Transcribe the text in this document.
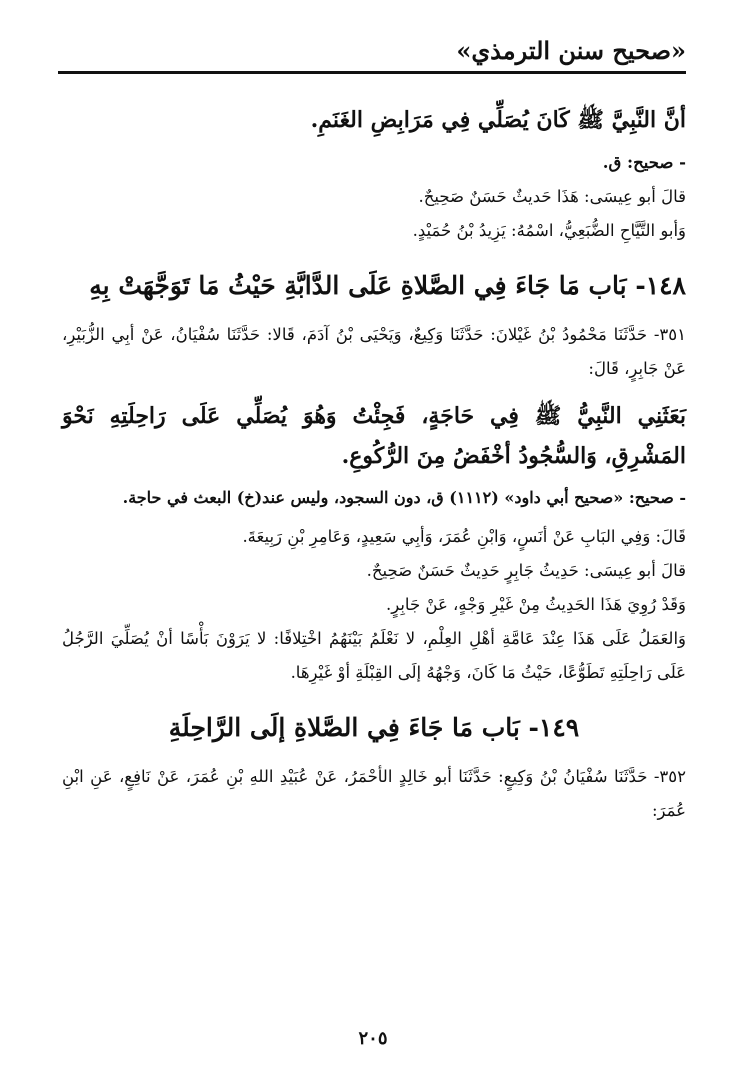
«صحيح سنن الترمذي»

أنَّ النَّبِيَّ ﷺ كَانَ يُصَلِّي فِي مَرَابِضِ الغَنَمِ.

- صحيح: ق.

قالَ أبو عِيسَى: هَذَا حَديثٌ حَسَنٌ صَحِيحٌ.

وَأبو التَّيَّاحِ الضُّبَعِيُّ، اسْمُهُ: يَزِيدُ بْنُ حُمَيْدٍ.

١٤٨- بَاب مَا جَاءَ فِي الصَّلاةِ عَلَى الدَّابَّةِ حَيْثُ مَا تَوَجَّهَتْ بِهِ

٣٥١- حَدَّثَنَا مَحْمُودُ بْنُ غَيْلانَ: حَدَّثَنَا وَكِيعٌ، وَيَحْيَى بْنُ آدَمَ، قَالا: حَدَّثَنَا سُفْيَانُ، عَنْ أبِي الزُّبَيْرِ، عَنْ جَابِرٍ، قَالَ:

بَعَثَنِي النَّبِيُّ ﷺ فِي حَاجَةٍ، فَجِئْتُ وَهُوَ يُصَلِّي عَلَى رَاحِلَتِهِ نَحْوَ المَشْرِقِ، وَالسُّجُودُ أخْفَضُ مِنَ الرُّكُوعِ.

- صحيح: «صحيح أبي داود» (١١١٢) ق، دون السجود، وليس عند(خ) البعث في حاجة.

قَالَ: وَفِي البَابِ عَنْ أنَسٍ، وَابْنِ عُمَرَ، وَأبِي سَعِيدٍ، وَعَامِرِ بْنِ رَبِيعَةَ.

قالَ أبو عِيسَى: حَدِيثُ جَابِرٍ حَدِيثٌ حَسَنٌ صَحِيحٌ.

وَقَدْ رُوِيَ هَذَا الحَدِيثُ مِنْ غَيْرِ وَجْهٍ، عَنْ جَابِرٍ.

وَالعَمَلُ عَلَى هَذَا عِنْدَ عَامَّةِ أهْلِ العِلْمِ، لا نَعْلَمُ بَيْنَهُمُ اخْتِلافًا: لا يَرَوْنَ بَأْسًا أنْ يُصَلِّيَ الرَّجُلُ عَلَى رَاحِلَتِهِ تَطَوُّعًا، حَيْثُ مَا كَانَ، وَجْهُهُ إلَى القِبْلَةِ أوْ غَيْرِهَا.

١٤٩- بَاب مَا جَاءَ فِي الصَّلاةِ إلَى الرَّاحِلَةِ

٣٥٢- حَدَّثَنَا سُفْيَانُ بْنُ وَكِيعٍ: حَدَّثَنَا أبو خَالِدٍ الأحْمَرُ، عَنْ عُبَيْدِ اللهِ بْنِ عُمَرَ، عَنْ نَافِعٍ، عَنِ ابْنِ عُمَرَ:

٢٠٥
